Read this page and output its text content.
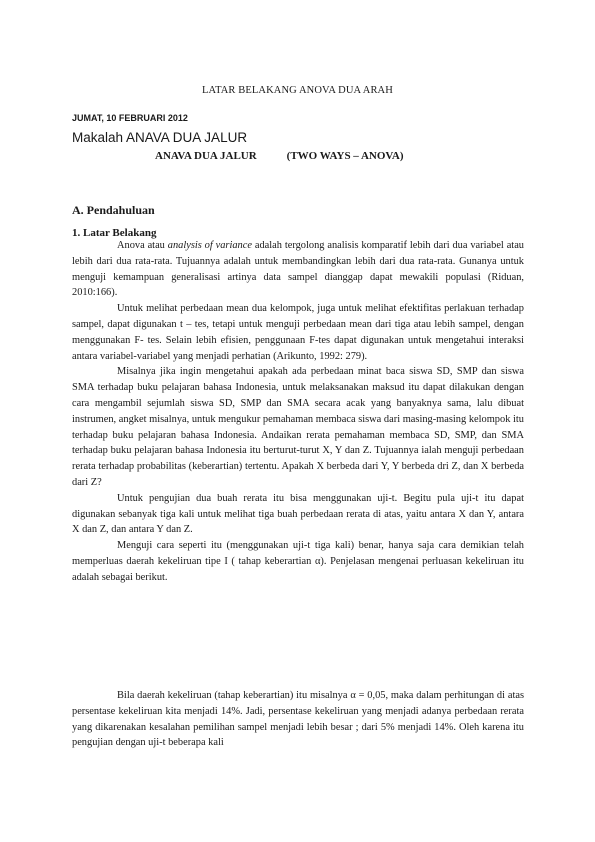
LATAR BELAKANG ANOVA DUA ARAH
JUMAT, 10 FEBRUARI 2012
Makalah ANAVA DUA JALUR
ANAVA DUA JALUR	(TWO WAYS – ANOVA)
A. Pendahuluan
1. Latar Belakang

Anova atau analysis of variance adalah tergolong analisis komparatif lebih dari dua variabel atau lebih dari dua rata-rata. Tujuannya adalah untuk membandingkan lebih dari dua rata-rata. Gunanya untuk menguji kemampuan generalisasi artinya data sampel dianggap dapat mewakili populasi (Riduan, 2010:166).

Untuk melihat perbedaan mean dua kelompok, juga untuk melihat efektifitas perlakuan terhadap sampel, dapat digunakan t – tes, tetapi untuk menguji perbedaan mean dari tiga atau lebih sampel, dengan menggunakan F- tes. Selain lebih efisien, penggunaan F-tes dapat digunakan untuk mengetahui interaksi antara variabel-variabel yang menjadi perhatian (Arikunto, 1992: 279).

Misalnya jika ingin mengetahui apakah ada perbedaan minat baca siswa SD, SMP dan siswa SMA terhadap buku pelajaran bahasa Indonesia, untuk melaksanakan maksud itu dapat dilakukan dengan cara mengambil sejumlah siswa SD, SMP dan SMA secara acak yang banyaknya sama, lalu dibuat instrumen, angket misalnya, untuk mengukur pemahaman membaca siswa dari masing-masing kelompok itu terhadap buku pelajaran bahasa Indonesia. Andaikan rerata pemahaman membaca SD, SMP, dan SMA terhadap buku pelajaran bahasa Indonesia itu berturut-turut X, Y dan Z. Tujuannya ialah menguji perbedaan rerata terhadap probabilitas (keberartian) tertentu. Apakah X berbeda dari Y, Y berbeda dri Z, dan X berbeda dari Z?

Untuk pengujian dua buah rerata itu bisa menggunakan uji-t. Begitu pula uji-t itu dapat digunakan sebanyak tiga kali untuk melihat tiga buah perbedaan rerata di atas, yaitu antara X dan Y, antara X dan Z, dan antara Y dan Z.

Menguji cara seperti itu (menggunakan uji-t tiga kali) benar, hanya saja cara demikian telah memperluas daerah kekeliruan tipe I ( tahap keberartian α). Penjelasan mengenai perluasan kekeliruan itu adalah sebagai berikut.

Bila daerah kekeliruan (tahap keberartian) itu misalnya α = 0,05, maka dalam perhitungan di atas persentase kekeliruan kita menjadi 14%. Jadi, persentase kekeliruan yang menjadi adanya perbedaan rerata yang dikarenakan kesalahan pemilihan sampel menjadi lebih besar ; dari 5% menjadi 14%. Oleh karena itu pengujian dengan uji-t beberapa kali
